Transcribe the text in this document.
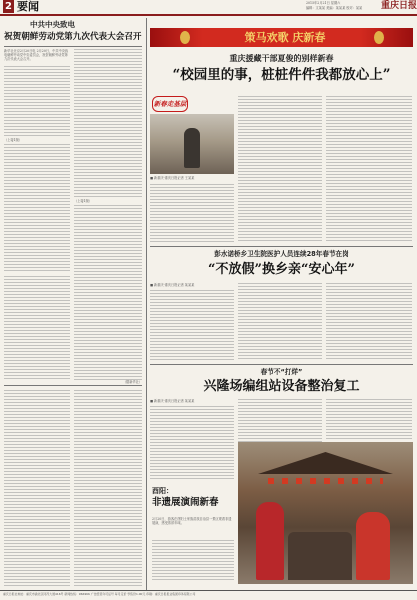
2 要闻	2015年2月21日 星期六
编辑：文某某 美编：某某某 校对：某某	重庆日报
中共中央致电
祝贺朝鲜劳动党第九次代表大会召开
新华社北京2月20日电 2月20日，中共中央致电朝鲜劳动党中央委员会，祝贺朝鲜劳动党第九次代表大会召开。
（上接1版）
（上接1版）
（据新华社）
策马欢歌 庆新春
重庆援藏干部夏俊的别样新春
“校园里的事，桩桩件件我都放心上”
新春走基层
■ 新重庆-重庆日报记者 王某某
彭水诺桥乡卫生院医护人员连续28年春节在岗
“不放假”换乡亲“安心年”
■ 新重庆-重庆日报记者 某某某
春节不“打烊”
兴隆场编组站设备整治复工
■ 新重庆-重庆日报记者 某某某
酉阳：
非遗展演闹新春
2月20日，游客在酉阳土家族苗族自治县一景区观看非遗展演，感受浓浓年味。
重庆日报社地址：重庆市渝北区同茂大道416号 新闻热线：966966 广告经营许可证号 每月定价 零售价1.00元 印刷：重庆日报报业集团印务有限公司
